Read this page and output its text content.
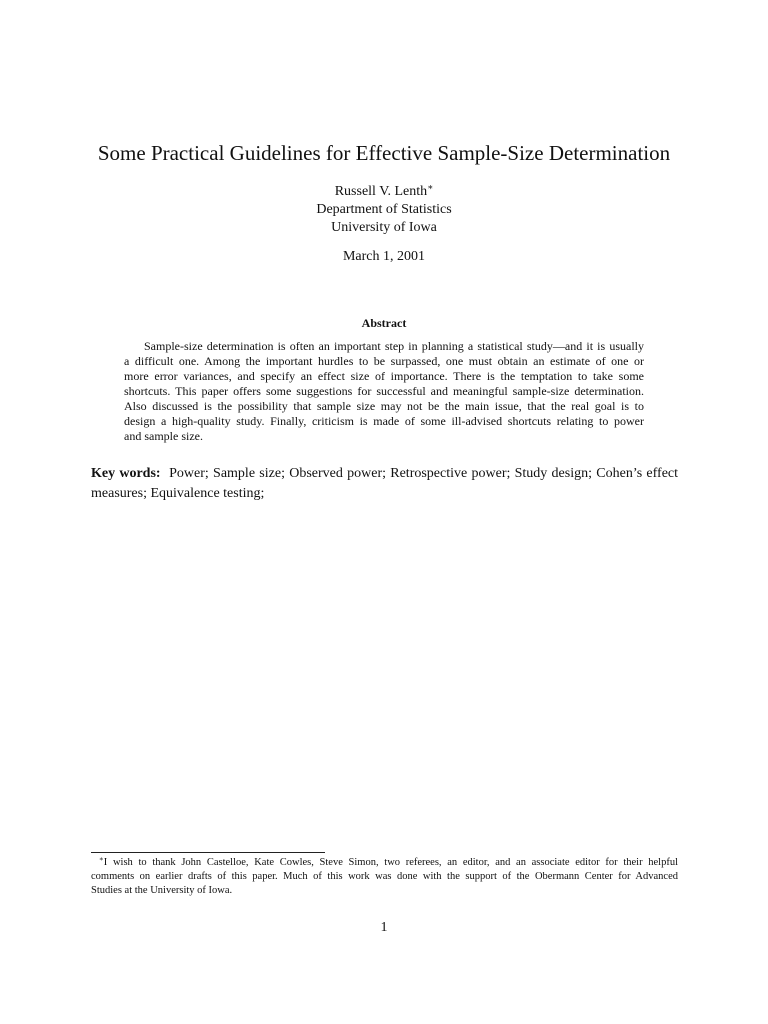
Some Practical Guidelines for Effective Sample-Size Determination
Russell V. Lenth∗
Department of Statistics
University of Iowa
March 1, 2001
Abstract
Sample-size determination is often an important step in planning a statistical study—and it is usually
a difficult one. Among the important hurdles to be surpassed, one must obtain an estimate of one or
more error variances, and specify an effect size of importance. There is the temptation to take some
shortcuts. This paper offers some suggestions for successful and meaningful sample-size determination.
Also discussed is the possibility that sample size may not be the main issue, that the real goal is to
design a high-quality study. Finally, criticism is made of some ill-advised shortcuts relating to power
and sample size.
Key words: Power; Sample size; Observed power; Retrospective power; Study design; Cohen’s effect
measures; Equivalence testing;
∗I wish to thank John Castelloe, Kate Cowles, Steve Simon, two referees, an editor, and an associate editor for their helpful
comments on earlier drafts of this paper. Much of this work was done with the support of the Obermann Center for Advanced
Studies at the University of Iowa.
1
